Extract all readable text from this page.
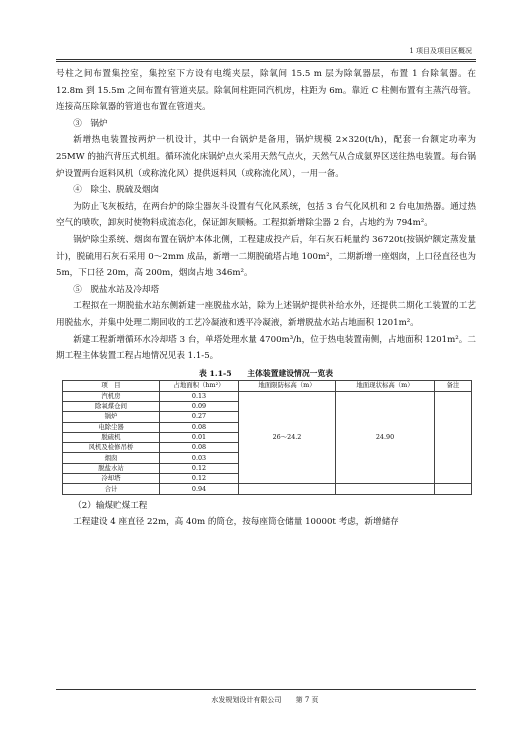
1 项目及项目区概况

号柱之间布置集控室，集控室下方设有电缆夹层，除氧间 15.5 m 层为除氧器层，布置 1 台除氧器。在 12.8m 到 15.5m 之间布置有管道夹层。除氧间柱距同汽机房，柱距为 6m。靠近 C 柱侧布置有主蒸汽母管。连接高压除氧器的管道也布置在管道夹。

③　锅炉

新增热电装置按两炉一机设计，其中一台锅炉是备用，锅炉规模 2×320(t/h)，配套一台额定功率为 25MW 的抽汽背压式机组。循环流化床锅炉点火采用天然气点火，天然气从合成氨界区送往热电装置。每台锅炉设置两台返料风机（或称流化风）提供返料风（或称流化风），一用一备。

④　除尘、脱硫及烟囱

为防止飞灰板结，在两台炉的除尘器灰斗设置有气化风系统，包括 3 台气化风机和 2 台电加热器。通过热空气的喷吹，卸灰时使物料成流态化，保证卸灰顺畅。工程拟新增除尘器 2 台，占地约为 794m²。

锅炉除尘系统、烟囱布置在锅炉本体北侧，工程建成投产后，年石灰石耗量约 36720t(按锅炉额定蒸发量计)，脱硫用石灰石采用 0～2mm 成品，新增一二期脱硫塔占地 100m²，二期新增一座烟囱，上口径直径也为 5m，下口径 20m，高 200m，烟囱占地 346m²。

⑤　脱盐水站及冷却塔

工程拟在一期脱盐水站东侧新建一座脱盐水站，除为上述锅炉提供补给水外，还提供二期化工装置的工艺用脱盐水，并集中处理二期回收的工艺冷凝液和透平冷凝液，新增脱盐水站占地面积 1201m²。

新建工程新增循环水冷却塔 3 台，单塔处理水量 4700m³/h，位于热电装置南侧，占地面积 1201m²。二期工程主体装置工程占地情况见表 1.1-5。

表 1.1-5　　主体装置建设情况一览表
项　目	占地面积（hm²）	地面限防标高（m）	地面现状标高（m）	备注
汽机房	0.13	26～24.2	24.90	
除氧煤仓间	0.09			
锅炉	0.27			
电除尘器	0.08			
脱硫机	0.01			
风机及检修吊桥	0.08			
烟囱	0.03			
脱盐水站	0.12			
冷却塔	0.12			
合计	0.94			

（2）输煤贮煤工程

工程建设 4 座直径 22m，高 40m 的筒仓，按每座筒仓储量 10000t 考虑，新增储存

水发规划设计有限公司 第 7 页
